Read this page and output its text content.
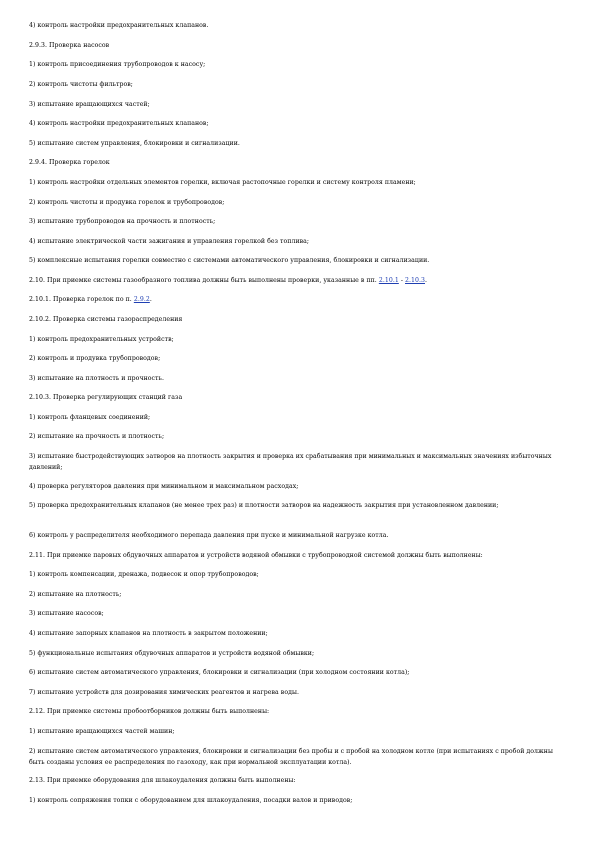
4) контроль настройки предохранительных клапанов.

2.9.3. Проверка насосов

1) контроль присоединения трубопроводов к насосу;

2) контроль чистоты фильтров;

3) испытание вращающихся частей;

4) контроль настройки предохранительных клапанов;

5) испытание систем управления, блокировки и сигнализации.

2.9.4. Проверка горелок

1) контроль настройки отдельных элементов горелки, включая растопочные горелки и систему контроля пламени;

2) контроль чистоты и продувка горелок и трубопроводов;

3) испытание трубопроводов на прочность и плотность;

4) испытание электрической части зажигания и управления горелкой без топлива;

5) комплексные испытания горелки совместно с системами автоматического управления, блокировки и сигнализации.

2.10. При приемке системы газообразного топлива должны быть выполнены проверки, указанные в пп. 2.10.1 - 2.10.3.

2.10.1. Проверка горелок по п. 2.9.2.

2.10.2. Проверка системы газораспределения

1) контроль предохранительных устройств;

2) контроль и продувка трубопроводов;

3) испытание на плотность и прочность.

2.10.3. Проверка регулирующих станций газа

1) контроль фланцевых соединений;

2) испытание на прочность и плотность;

3) испытание быстродействующих затворов на плотность закрытия и проверка их срабатывания при минимальных и максимальных значениях избыточных давлений;

4) проверка регуляторов давления при минимальном и максимальном расходах;

5) проверка предохранительных клапанов (не менее трех раз) и плотности затворов на надежность закрытия при установленном давлении;

6) контроль у распределителя необходимого перепада давления при пуске и минимальной нагрузке котла.

2.11. При приемке паровых обдувочных аппаратов и устройств водяной обмывки с трубопроводной системой должны быть выполнены:

1) контроль компенсации, дренажа, подвесок и опор трубопроводов;

2) испытание на плотность;

3) испытание насосов;

4) испытание запорных клапанов на плотность в закрытом положении;

5) функциональные испытания обдувочных аппаратов и устройств водяной обмывки;

6) испытание систем автоматического управления, блокировки и сигнализации (при холодном состоянии котла);

7) испытание устройств для дозирования химических реагентов и нагрева воды.

2.12. При приемке системы пробоотборников должны быть выполнены:

1) испытание вращающихся частей машин;

2) испытание систем автоматического управления, блокировки и сигнализации без пробы и с пробой на холодном котле (при испытаниях с пробой должны быть созданы условия ее распределения по газоходу, как при нормальной эксплуатации котла).

2.13. При приемке оборудования для шлакоудаления должны быть выполнены:

1) контроль сопряжения топки с оборудованием для шлакоудаления, посадки валов и приводов;
